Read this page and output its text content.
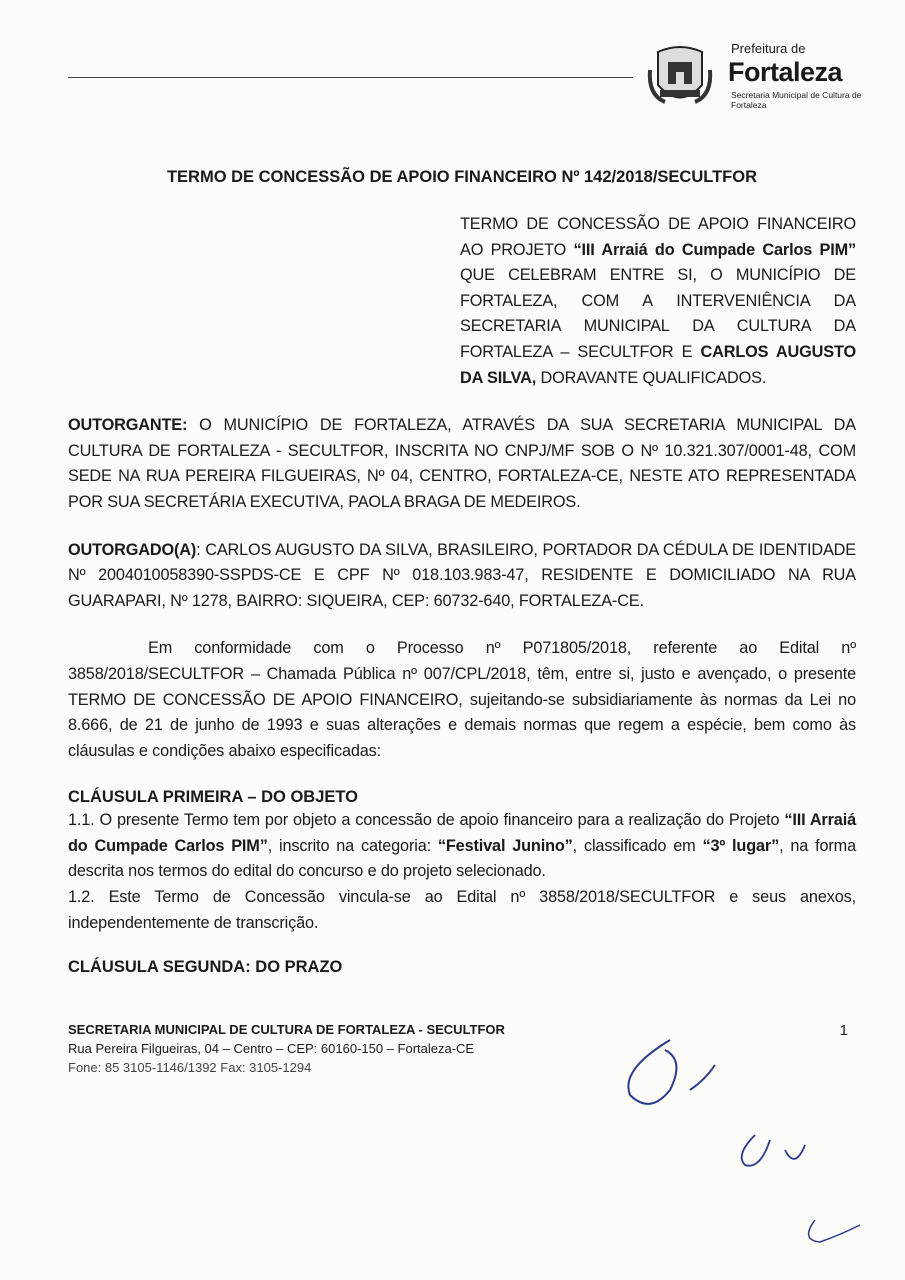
Prefeitura de
Fortaleza
Secretaria Municipal de Cultura de Fortaleza
TERMO DE CONCESSÃO DE APOIO FINANCEIRO Nº 142/2018/SECULTFOR
TERMO DE CONCESSÃO DE APOIO FINANCEIRO AO PROJETO “III Arraiá do Cumpade Carlos PIM” QUE CELEBRAM ENTRE SI, O MUNICÍPIO DE FORTALEZA, COM A INTERVENIÊNCIA DA SECRETARIA MUNICIPAL DA CULTURA DA FORTALEZA – SECULTFOR E CARLOS AUGUSTO DA SILVA, DORAVANTE QUALIFICADOS.
OUTORGANTE: O MUNICÍPIO DE FORTALEZA, ATRAVÉS DA SUA SECRETARIA MUNICIPAL DA CULTURA DE FORTALEZA - SECULTFOR, INSCRITA NO CNPJ/MF SOB O Nº 10.321.307/0001-48, COM SEDE NA RUA PEREIRA FILGUEIRAS, Nº 04, CENTRO, FORTALEZA-CE, NESTE ATO REPRESENTADA POR SUA SECRETÁRIA EXECUTIVA, PAOLA BRAGA DE MEDEIROS.
OUTORGADO(A): CARLOS AUGUSTO DA SILVA, BRASILEIRO, PORTADOR DA CÉDULA DE IDENTIDADE Nº 2004010058390-SSPDS-CE E CPF Nº 018.103.983-47, RESIDENTE E DOMICILIADO NA RUA GUARAPARI, Nº 1278, BAIRRO: SIQUEIRA, CEP: 60732-640, FORTALEZA-CE.
Em conformidade com o Processo nº P071805/2018, referente ao Edital nº 3858/2018/SECULTFOR – Chamada Pública nº 007/CPL/2018, têm, entre si, justo e avençado, o presente TERMO DE CONCESSÃO DE APOIO FINANCEIRO, sujeitando-se subsidiariamente às normas da Lei no 8.666, de 21 de junho de 1993 e suas alterações e demais normas que regem a espécie, bem como às cláusulas e condições abaixo especificadas:
CLÁUSULA PRIMEIRA – DO OBJETO
1.1. O presente Termo tem por objeto a concessão de apoio financeiro para a realização do Projeto “III Arraiá do Cumpade Carlos PIM”, inscrito na categoria: “Festival Junino”, classificado em “3º lugar”, na forma descrita nos termos do edital do concurso e do projeto selecionado.
1.2. Este Termo de Concessão vincula-se ao Edital nº 3858/2018/SECULTFOR e seus anexos, independentemente de transcrição.
CLÁUSULA SEGUNDA: DO PRAZO
SECRETARIA MUNICIPAL DE CULTURA DE FORTALEZA - SECULTFOR
Rua Pereira Filgueiras, 04 – Centro – CEP: 60160-150 – Fortaleza-CE
Fone: 85 3105-1146/1392 Fax: 3105-1294
1
